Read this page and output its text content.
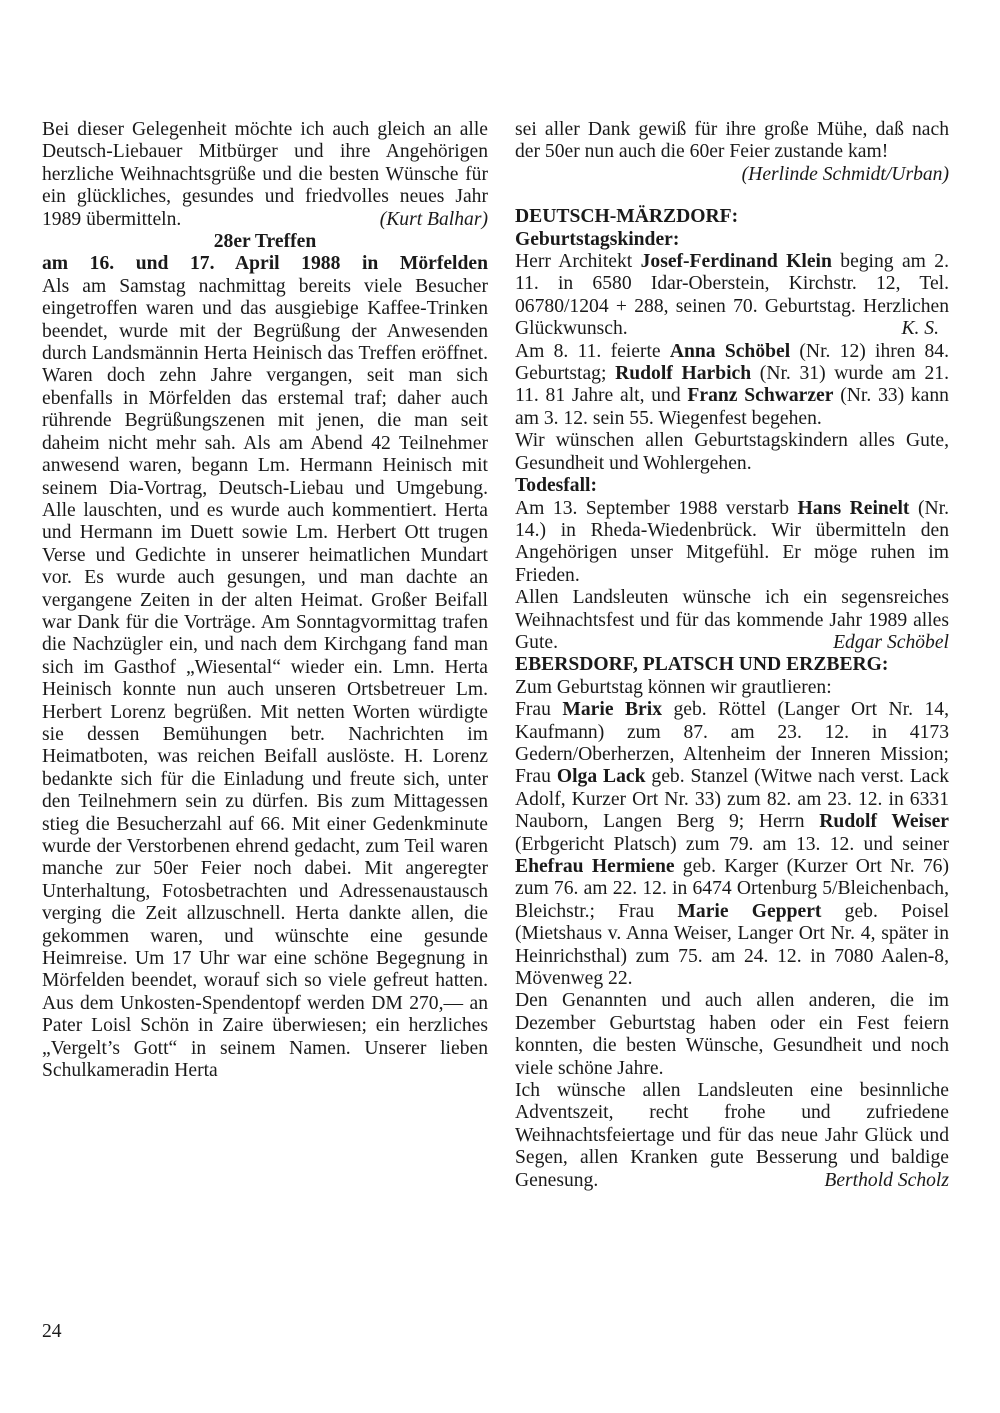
Bei dieser Gelegenheit möchte ich auch gleich an alle Deutsch-Liebauer Mitbürger und ihre Angehörigen herzliche Weihnachtsgrüße und die besten Wünsche für ein glückliches, gesundes und friedvolles neues Jahr 1989 übermitteln.	(Kurt Balhar)

28er Treffen

am 16. und 17. April 1988 in Mörfelden

Als am Samstag nachmittag bereits viele Besucher eingetroffen waren und das ausgiebige Kaffee-Trinken beendet, wurde mit der Begrüßung der Anwesenden durch Landsmännin Herta Heinisch das Treffen eröffnet. Waren doch zehn Jahre vergangen, seit man sich ebenfalls in Mörfelden das erstemal traf; daher auch rührende Begrüßungszenen mit jenen, die man seit daheim nicht mehr sah. Als am Abend 42 Teilnehmer anwesend waren, begann Lm. Hermann Heinisch mit seinem Dia-Vortrag, Deutsch-Liebau und Umgebung. Alle lauschten, und es wurde auch kommentiert. Herta und Hermann im Duett sowie Lm. Herbert Ott trugen Verse und Gedichte in unserer heimatlichen Mundart vor. Es wurde auch gesungen, und man dachte an vergangene Zeiten in der alten Heimat. Großer Beifall war Dank für die Vorträge. Am Sonntagvormittag trafen die Nachzügler ein, und nach dem Kirchgang fand man sich im Gasthof „Wiesental“ wieder ein. Lmn. Herta Heinisch konnte nun auch unseren Ortsbetreuer Lm. Herbert Lorenz begrüßen. Mit netten Worten würdigte sie dessen Bemühungen betr. Nachrichten im Heimatboten, was reichen Beifall auslöste. H. Lorenz bedankte sich für die Einladung und freute sich, unter den Teilnehmern sein zu dürfen. Bis zum Mittagessen stieg die Besucherzahl auf 66. Mit einer Gedenkminute wurde der Verstorbenen ehrend gedacht, zum Teil waren manche zur 50er Feier noch dabei. Mit angeregter Unterhaltung, Fotosbetrachten und Adressenaustausch verging die Zeit allzuschnell. Herta dankte allen, die gekommen waren, und wünschte eine gesunde Heimreise. Um 17 Uhr war eine schöne Begegnung in Mörfelden beendet, worauf sich so viele gefreut hatten. Aus dem Unkosten-Spendentopf werden DM 270,— an Pater Loisl Schön in Zaire überwiesen; ein herzliches „Vergelt’s Gott“ in seinem Namen. Unserer lieben Schulkameradin Herta

sei aller Dank gewiß für ihre große Mühe, daß nach der 50er nun auch die 60er Feier zustande kam!
(Herlinde Schmidt/Urban)

DEUTSCH-MÄRZDORF:

Geburtstagskinder:

Herr Architekt Josef-Ferdinand Klein beging am 2. 11. in 6580 Idar-Oberstein, Kirchstr. 12, Tel. 06780/1204 + 288, seinen 70. Geburtstag. Herzlichen Glückwunsch.	K. S.

Am 8. 11. feierte Anna Schöbel (Nr. 12) ihren 84. Geburtstag; Rudolf Harbich (Nr. 31) wurde am 21. 11. 81 Jahre alt, und Franz Schwarzer (Nr. 33) kann am 3. 12. sein 55. Wiegenfest begehen.

Wir wünschen allen Geburtstagskindern alles Gute, Gesundheit und Wohlergehen.

Todesfall:

Am 13. September 1988 verstarb Hans Reinelt (Nr. 14.) in Rheda-Wiedenbrück. Wir übermitteln den Angehörigen unser Mitgefühl. Er möge ruhen im Frieden.

Allen Landsleuten wünsche ich ein segensreiches Weihnachtsfest und für das kommende Jahr 1989 alles Gute.	Edgar Schöbel

EBERSDORF, PLATSCH UND ERZBERG:

Zum Geburtstag können wir grautlieren:

Frau Marie Brix geb. Röttel (Langer Ort Nr. 14, Kaufmann) zum 87. am 23. 12. in 4173 Gedern/Oberherzen, Altenheim der Inneren Mission; Frau Olga Lack geb. Stanzel (Witwe nach verst. Lack Adolf, Kurzer Ort Nr. 33) zum 82. am 23. 12. in 6331 Nauborn, Langen Berg 9; Herrn Rudolf Weiser (Erbgericht Platsch) zum 79. am 13. 12. und seiner Ehefrau Hermiene geb. Karger (Kurzer Ort Nr. 76) zum 76. am 22. 12. in 6474 Ortenburg 5/Bleichenbach, Bleichstr.; Frau Marie Geppert geb. Poisel (Mietshaus v. Anna Weiser, Langer Ort Nr. 4, später in Heinrichsthal) zum 75. am 24. 12. in 7080 Aalen-8, Mövenweg 22.

Den Genannten und auch allen anderen, die im Dezember Geburtstag haben oder ein Fest feiern konnten, die besten Wünsche, Gesundheit und noch viele schöne Jahre.

Ich wünsche allen Landsleuten eine besinnliche Adventszeit, recht frohe und zufriedene Weihnachtsfeiertage und für das neue Jahr Glück und Segen, allen Kranken gute Besserung und baldige Genesung.	Berthold Scholz

24
